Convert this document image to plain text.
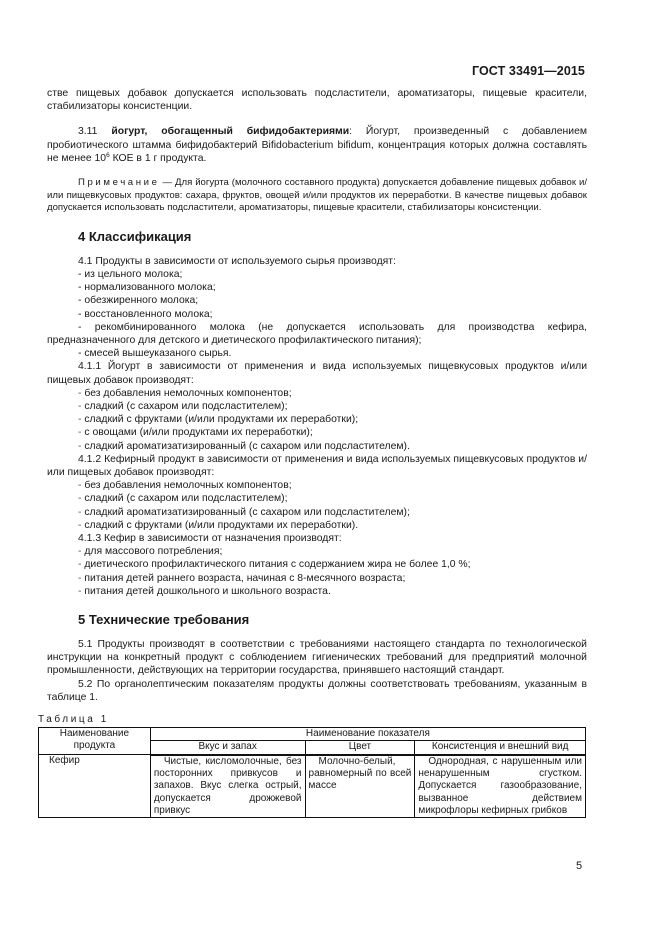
ГОСТ 33491—2015

стве пищевых добавок допускается использовать подсластители, ароматизаторы, пищевые красители, стабилизаторы консистенции.

3.11 йогурт, обогащенный бифидобактериями: Йогурт, произведенный с добавлением пробиотического штамма бифидобактерий Bifidobacterium bifidum, концентрация которых должна составлять не менее $10^6$ КОЕ в 1 г продукта.

Примечание — Для йогурта (молочного составного продукта) допускается добавление пищевых добавок и/или пищевкусовых продуктов: сахара, фруктов, овощей и/или продуктов их переработки. В качестве пищевых добавок допускается использовать подсластители, ароматизаторы, пищевые красители, стабилизаторы консистенции.

4 Классификация

4.1 Продукты в зависимости от используемого сырья производят:

- из цельного молока;

- нормализованного молока;

- обезжиренного молока;

- восстановленного молока;

- рекомбинированного молока (не допускается использовать для производства кефира, предназначенного для детского и диетического профилактического питания);

- смесей вышеуказаного сырья.

4.1.1 Йогурт в зависимости от применения и вида используемых пищевкусовых продуктов и/или пищевых добавок производят:

- без добавления немолочных компонентов;

- сладкий (с сахаром или подсластителем);

- сладкий с фруктами (и/или продуктами их переработки);

- с овощами (и/или продуктами их переработки);

- сладкий ароматизатизированный (с сахаром или подсластителем).

4.1.2 Кефирный продукт в зависимости от применения и вида используемых пищевкусовых продуктов и/или пищевых добавок производят:

- без добавления немолочных компонентов;

- сладкий (с сахаром или подсластителем);

- сладкий ароматизатизированный (с сахаром или подсластителем);

- сладкий с фруктами (и/или продуктами их переработки).

4.1.3 Кефир в зависимости от назначения производят:

- для массового потребления;

- диетического профилактического питания с содержанием жира не более 1,0 %;

- питания детей раннего возраста, начиная с 8-месячного возраста;

- питания детей дошкольного и школьного возраста.

5 Технические требования

5.1 Продукты производят в соответствии с требованиями настоящего стандарта по технологической инструкции на конкретный продукт с соблюдением гигиенических требований для предприятий молочной промышленности, действующих на территории государства, принявшего настоящий стандарт.

5.2 По органолептическим показателям продукты должны соответствовать требованиям, указанным в таблице 1.

Таблица 1
Наименование продукта	Наименование показателя		
	Вкус и запах	Цвет	Консистенция и внешний вид
Кефир	Чистые, кисломолочные, без посторонних привкусов и запахов. Вкус слегка острый, допускается дрожжевой привкус	Молочно-белый, равномерный по всей массе	Однородная, с нарушенным или ненарушенным сгустком. Допускается газообразование, вызванное действием микрофлоры кефирных грибков
5
